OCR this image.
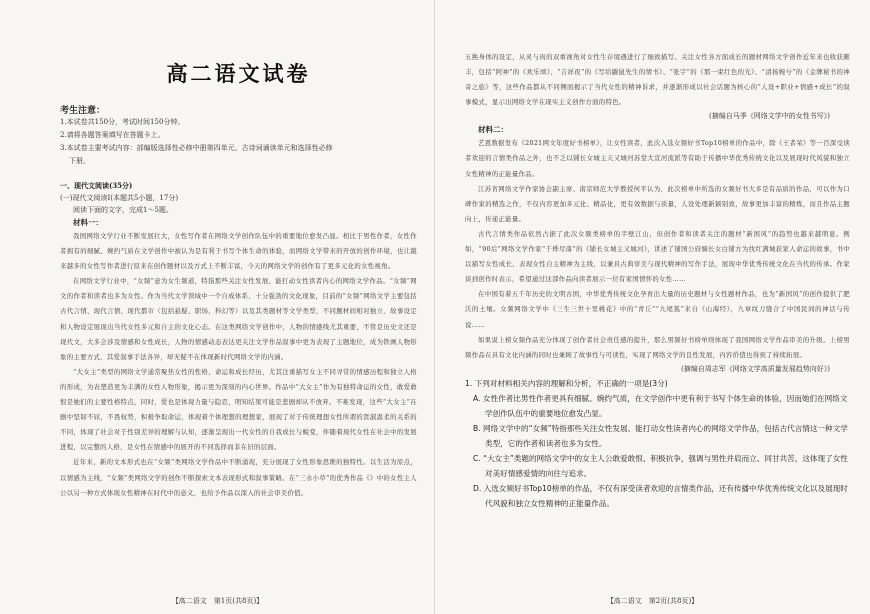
高二语文试卷
考生注意：
1.本试卷共150分，考试时间150分钟。
2.请将各题答案填写在答题卡上。
3.本试卷主要考试内容：部编版选择性必修中册第四单元、古诗词诵读单元和选择性必修
下册。
一、现代文阅读(35分)
(一)现代文阅读Ⅰ(本题共5小题，17分)
阅读下面的文字，完成1～5题。
材料一：

我国网络文学行业不断发展壮大，女性写作者在网络文学创作队伍中的重要地位愈发凸显。相比于男性作者，女性作者拥有的细腻、婉约气质在文学创作中被认为是有利于书写个体生命的体验，而网络文学带来的开放的创作环境，也让越来越多的女性写作者进行原来在创作题材以及方式上不断丰富，今天的网络文学的创作有了更多元化的女性视角。

在网络文学行业中，“女频”意为女生频道，特指那些关注女性发展、能打动女性读者内心的网络文学作品。“女频”网文的作者和读者也多为女性。作为当代文学领域中一个自成体系、十分强劲的文化现象，目前的“女频”网络文学主要包括古代言情、现代言情、现代都市（包括悬疑、职场、科幻等）以及其类题材等文学类型，不同题材间相对独立、故事设定和人物设定展现出当代女性多元和自主的文化心态。在这类网络文学创作中，人物的情感线尤其重要，不管是历史文还是现代文，大多会涉及情感和女性成长，人物的情感动态表达更关注文学作品叙事中更为表现了主题地位，成为铁画人物形象的主要方式，其爱叙事手法各异，却无疑不在体现新时代网络文学的内涵。

“大女主”类型的网络文学通常聚焦女性的性格、命运和成长经历，尤其注重描写女主不同寻常的情感历程和独立人格的形成，为表塑造更为丰满的女性人物形象，揭示更为深刻的内心世界。作品中“大女主”作为有独特命运的女性，敢爱敢恨是她们的主要性格特点，同时，爱也是体现力量与隐忍，明知结果可能是悲剧却从不放弃。不难发现，这些“大女主”在剧中坚韧不屈，不畏权势，积极争取命运，体现着个体理想的理想家，展现了对于传统理想女性所谓的贤淑温柔的关系的不同，体现了社会对于性别差异的理解与认知，逐渐呈现出一代女性的自我成长与蜕变，伴随着现代女性在社会中的发展进程，以完整的人格，是女性在情感中的展开的不同选择而非在旧的层面。

近年来，新的文本形式也在“女频”类网络文学作品中不断涌现，充分展现了女性形象思维的独特性。以生活为原点，以情感为主线，“女频”类网络文学的创作不断探索文本表现形式和叙事策略。在“三水小草”的优秀作品《》中的女性主人公以另一种方式体现女性精神在时代中的意义，也给予作品以深入的社会审美价值。

【高二语文　第1页(共8页)】

五换身体的设定，从灵与肉的双重视角对女性生存境遇进行了细致描写。关注女性各方面成长的题材网络文学创作近年来也收获颇丰，包括“阿神”的《欢乐颂》、“吉祥夜”的《写给鼹鼠先生的情书》、“张宇”的《那一束红色的光》、“清扬婉兮”的《金牌秘书的神奇之旅》等，这些作品都从不同侧面揭示了当代女性的精神诉求，并逐渐形成以社会话题为核心的“人设+职业+情感+成长”的叙事模式，显示出网络文学在现实主义创作方面的特色。

(摘编自马季《网络文学中的女性书写》)
材料二：

艺恩数据发布《2021网文年度好书榜单》，让女性读者，此次入选女频好书Top10榜单的作品中，除《王者荣》等一百深受读者欢迎的言情类作品之外，也不乏以铺长女城主天又城河苏堂大宣河流派等有助于传播中华优秀传统文化以及展现时代风貌和独立女性精神的正能量作品。

江苏省网络文学作家协会副主席、南京师范大学教授何平认为，此次榜单中所选的女频好书大多是有品质的作品，可以作为口碑作家的精选之作，不仅内容更加多元化、精品化，更有效数据与质量，人设处理新颖别致，故事更加丰富的精炼，而且作品主题向上，传递正能量。

古代言情类作品依然占据了此次女频类榜单的半壁江山，但创作者和读者关注的题材“新国风”的趋势也越来越明显。例如，“90后”网络文学作家“千桦尽落”的《铺长女城主又城河》，讲述了铺国公府嫡长女白铺方为找红满城获家人命运的故事，书中以描写女性成长、表现女性自主精神为主线，以兼具古典审美与现代精神的写作手法，展现中华优秀传统文化在当代的传承。作家谈到创作时表示，希望通过这部作品向读者展示一位有家国情怀的女性……

在中国有着五千年历史的文明古国，中华优秀传统文化孕育出大量的历史题材与女性题材作品，也为“新国风”的创作提供了肥沃的土壤。女频网络文学中《三生三世十里桃花》中的“青丘”“九尾狐”来自《山海经》，九章纹刀缝合了中国民间的神话与传说……

如果说上榜女频作品充分体现了创作者社会责任感的提升，那么男频好书榜单则体现了我国网络文学作品审美的升级。上榜男频作品在具有文化内涵的同时也兼顾了故事性与可读性，实现了网络文学的良性发展，内容价值也得到了持续拓展。

(摘编自周志军《网络文学高质量发展趋势向好》)
1. 下列对材料相关内容的理解和分析，不正确的一项是(3分)
A. 女性作者比男性作者更具有细腻、婉约气质，在文学创作中更有利于书写个体生命的体验，因而她们在网络文学创作队伍中的重要地位愈发凸显。
B. 网络文学中的“女频”特指那些关注女性发展、能打动女性读者内心的网络文学作品，包括古代言情这一种文学类型，它的作者和读者也多为女性。
C. “大女主”类题的网络文学中的女主人公敢爱敢恨、积极抗争，强调与男性并肩而立、同甘共苦，这体现了女性对美好情感爱情的向往与追求。
D. 入选女频好书Top10榜单的作品，不仅有深受读者欢迎的言情类作品，还有传播中华优秀传统文化以及展现时代风貌和独立女性精神的正能量作品。
【高二语文　第2页(共8页)】
